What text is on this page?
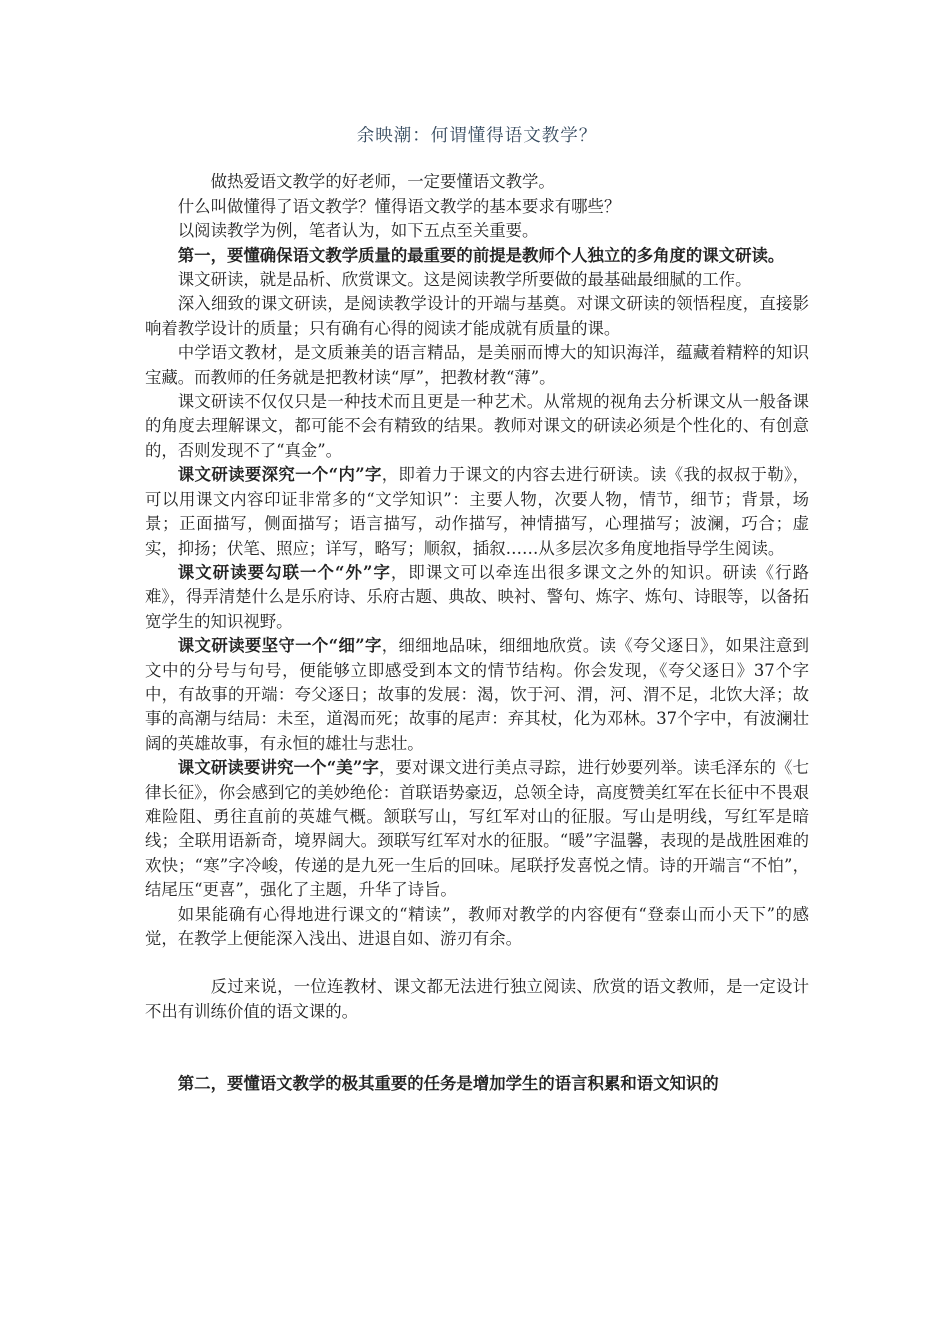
余映潮：何谓懂得语文教学？

做热爱语文教学的好老师，一定要懂语文教学。

什么叫做懂得了语文教学？懂得语文教学的基本要求有哪些？

以阅读教学为例，笔者认为，如下五点至关重要。

第一，要懂确保语文教学质量的最重要的前提是教师个人独立的多角度的课文研读。

课文研读，就是品析、欣赏课文。这是阅读教学所要做的最基础最细腻的工作。

深入细致的课文研读，是阅读教学设计的开端与基奠。对课文研读的领悟程度，直接影响着教学设计的质量；只有确有心得的阅读才能成就有质量的课。

中学语文教材，是文质兼美的语言精品，是美丽而博大的知识海洋，蕴藏着精粹的知识宝藏。而教师的任务就是把教材读“厚”，把教材教“薄”。

课文研读不仅仅只是一种技术而且更是一种艺术。从常规的视角去分析课文从一般备课的角度去理解课文，都可能不会有精致的结果。教师对课文的研读必须是个性化的、有创意的，否则发现不了“真金”。

课文研读要深究一个“内”字，即着力于课文的内容去进行研读。读《我的叔叔于勒》，可以用课文内容印证非常多的“文学知识”：主要人物，次要人物，情节，细节；背景，场景；正面描写，侧面描写；语言描写，动作描写，神情描写，心理描写；波澜，巧合；虚实，抑扬；伏笔、照应；详写，略写；顺叙，插叙……从多层次多角度地指导学生阅读。

课文研读要勾联一个“外”字，即课文可以牵连出很多课文之外的知识。研读《行路难》，得弄清楚什么是乐府诗、乐府古题、典故、映衬、警句、炼字、炼句、诗眼等，以备拓宽学生的知识视野。

课文研读要坚守一个“细”字，细细地品味，细细地欣赏。读《夸父逐日》，如果注意到文中的分号与句号，便能够立即感受到本文的情节结构。你会发现，《夸父逐日》37个字中，有故事的开端：夸父逐日；故事的发展：渴，饮于河、渭，河、渭不足，北饮大泽；故事的高潮与结局：未至，道渴而死；故事的尾声：弃其杖，化为邓林。37个字中，有波澜壮阔的英雄故事，有永恒的雄壮与悲壮。

课文研读要讲究一个“美”字，要对课文进行美点寻踪，进行妙要列举。读毛泽东的《七律长征》，你会感到它的美妙绝伦：首联语势豪迈，总领全诗，高度赞美红军在长征中不畏艰难险阻、勇往直前的英雄气概。颔联写山，写红军对山的征服。写山是明线，写红军是暗线；全联用语新奇，境界阔大。颈联写红军对水的征服。“暖”字温馨，表现的是战胜困难的欢快；“寒”字冷峻，传递的是九死一生后的回味。尾联抒发喜悦之情。诗的开端言“不怕”，结尾压“更喜”，强化了主题，升华了诗旨。

如果能确有心得地进行课文的“精读”，教师对教学的内容便有“登泰山而小天下”的感觉，在教学上便能深入浅出、进退自如、游刃有余。

反过来说，一位连教材、课文都无法进行独立阅读、欣赏的语文教师，是一定设计不出有训练价值的语文课的。

第二，要懂语文教学的极其重要的任务是增加学生的语言积累和语文知识的
